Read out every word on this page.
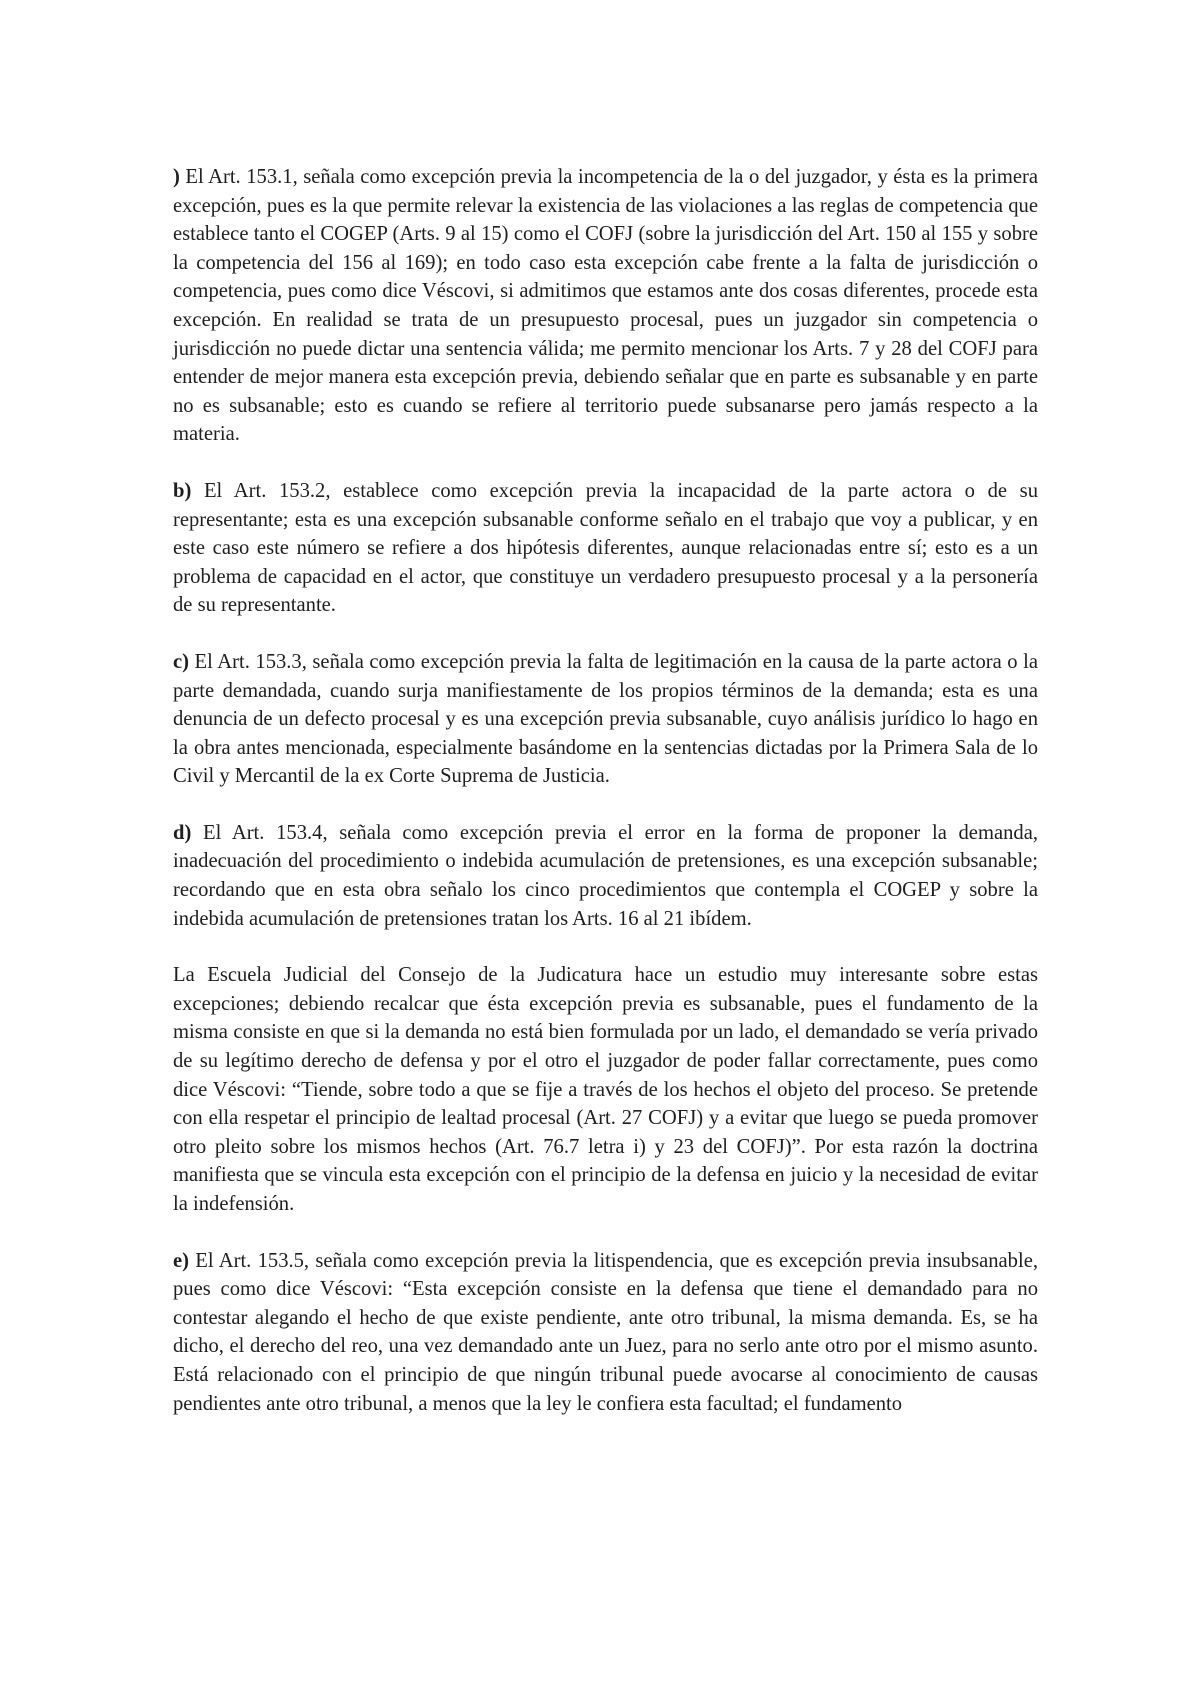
) El Art. 153.1, señala como excepción previa la incompetencia de la o del juzgador, y ésta es la primera excepción, pues es la que permite relevar la existencia de las violaciones a las reglas de competencia que establece tanto el COGEP (Arts. 9 al 15) como el COFJ (sobre la jurisdicción del Art. 150 al 155 y sobre la competencia del 156 al 169); en todo caso esta excepción cabe frente a la falta de jurisdicción o competencia, pues como dice Véscovi, si admitimos que estamos ante dos cosas diferentes, procede esta excepción. En realidad se trata de un presupuesto procesal, pues un juzgador sin competencia o jurisdicción no puede dictar una sentencia válida; me permito mencionar los Arts. 7 y 28 del COFJ para entender de mejor manera esta excepción previa, debiendo señalar que en parte es subsanable y en parte no es subsanable; esto es cuando se refiere al territorio puede subsanarse pero jamás respecto a la materia.

b) El Art. 153.2, establece como excepción previa la incapacidad de la parte actora o de su representante; esta es una excepción subsanable conforme señalo en el trabajo que voy a publicar, y en este caso este número se refiere a dos hipótesis diferentes, aunque relacionadas entre sí; esto es a un problema de capacidad en el actor, que constituye un verdadero presupuesto procesal y a la personería de su representante.

c) El Art. 153.3, señala como excepción previa la falta de legitimación en la causa de la parte actora o la parte demandada, cuando surja manifiestamente de los propios términos de la demanda; esta es una denuncia de un defecto procesal y es una excepción previa subsanable, cuyo análisis jurídico lo hago en la obra antes mencionada, especialmente basándome en la sentencias dictadas por la Primera Sala de lo Civil y Mercantil de la ex Corte Suprema de Justicia.

d) El Art. 153.4, señala como excepción previa el error en la forma de proponer la demanda, inadecuación del procedimiento o indebida acumulación de pretensiones, es una excepción subsanable; recordando que en esta obra señalo los cinco procedimientos que contempla el COGEP y sobre la indebida acumulación de pretensiones tratan los Arts. 16 al 21 ibídem.

La Escuela Judicial del Consejo de la Judicatura hace un estudio muy interesante sobre estas excepciones; debiendo recalcar que ésta excepción previa es subsanable, pues el fundamento de la misma consiste en que si la demanda no está bien formulada por un lado, el demandado se vería privado de su legítimo derecho de defensa y por el otro el juzgador de poder fallar correctamente, pues como dice Véscovi: “Tiende, sobre todo a que se fije a través de los hechos el objeto del proceso. Se pretende con ella respetar el principio de lealtad procesal (Art. 27 COFJ) y a evitar que luego se pueda promover otro pleito sobre los mismos hechos (Art. 76.7 letra i) y 23 del COFJ)”. Por esta razón la doctrina manifiesta que se vincula esta excepción con el principio de la defensa en juicio y la necesidad de evitar la indefensión.

e) El Art. 153.5, señala como excepción previa la litispendencia, que es excepción previa insubsanable, pues como dice Véscovi: “Esta excepción consiste en la defensa que tiene el demandado para no contestar alegando el hecho de que existe pendiente, ante otro tribunal, la misma demanda. Es, se ha dicho, el derecho del reo, una vez demandado ante un Juez, para no serlo ante otro por el mismo asunto. Está relacionado con el principio de que ningún tribunal puede avocarse al conocimiento de causas pendientes ante otro tribunal, a menos que la ley le confiera esta facultad; el fundamento
